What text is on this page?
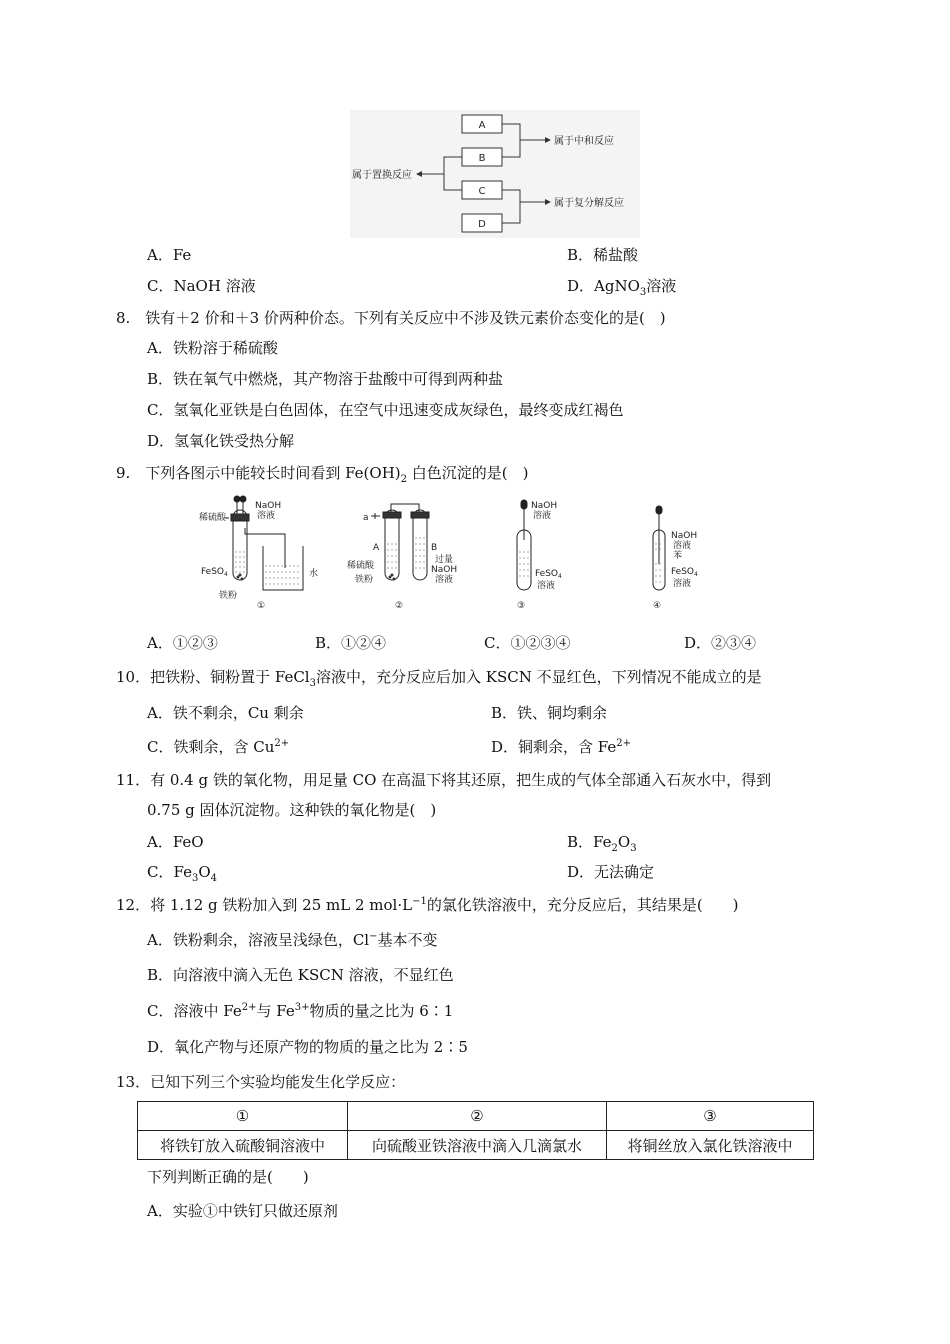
A
B
C
D
属于中和反应
属于复分解反应
属于置换反应
A．Fe	B．稀盐酸
C．NaOH 溶液	D．AgNO$_3$溶液
8.　铁有＋2 价和＋3 价两种价态。下列有关反应中不涉及铁元素价态变化的是(　)
A．铁粉溶于稀硫酸
B．铁在氧气中燃烧，其产物溶于盐酸中可得到两种盐
C．氢氧化亚铁是白色固体，在空气中迅速变成灰绿色，最终变成红褐色
D．氢氧化铁受热分解
9.　下列各图示中能较长时间看到 $Fe(OH)_2$ 白色沉淀的是(　)
NaOH
溶液
稀硫酸
FeSO$_4$
铁粉
水
①
a
A	B
稀硫酸
铁粉
过量
NaOH
溶液
②
NaOH
溶液
FeSO$_4$
溶液
③
NaOH
溶液
苯
FeSO$_4$
溶液
④
A．①②③	B．①②④	C．①②③④	D．②③④
10．把铁粉、铜粉置于 FeCl$_3$溶液中，充分反应后加入 KSCN 不显红色，下列情况不能成立的是
A．铁不剩余，Cu 剩余	B．铁、铜均剩余
C．铁剩余，含 $Cu^{2+}$	D．铜剩余，含 $Fe^{2+}$
11．有 0.4 g 铁的氧化物，用足量 CO 在高温下将其还原，把生成的气体全部通入石灰水中，得到
0.75 g 固体沉淀物。这种铁的氧化物是(　)
A．FeO	B．$Fe_2O_3$
C．$Fe_3O_4$	D．无法确定
12．将 1.12 g 铁粉加入到 25 mL 2 $mol\cdot L^{-1}$的氯化铁溶液中，充分反应后，其结果是(　　)
A．铁粉剩余，溶液呈浅绿色，Cl−基本不变
B．向溶液中滴入无色 KSCN 溶液，不显红色
C．溶液中 $Fe^{2+}$与 $Fe^{3+}$物质的量之比为 6∶1
D．氧化产物与还原产物的物质的量之比为 2∶5
13．已知下列三个实验均能发生化学反应：
①	②	③
将铁钉放入硫酸铜溶液中	向硫酸亚铁溶液中滴入几滴氯水	将铜丝放入氯化铁溶液中
下列判断正确的是(　　)
A．实验①中铁钉只做还原剂
